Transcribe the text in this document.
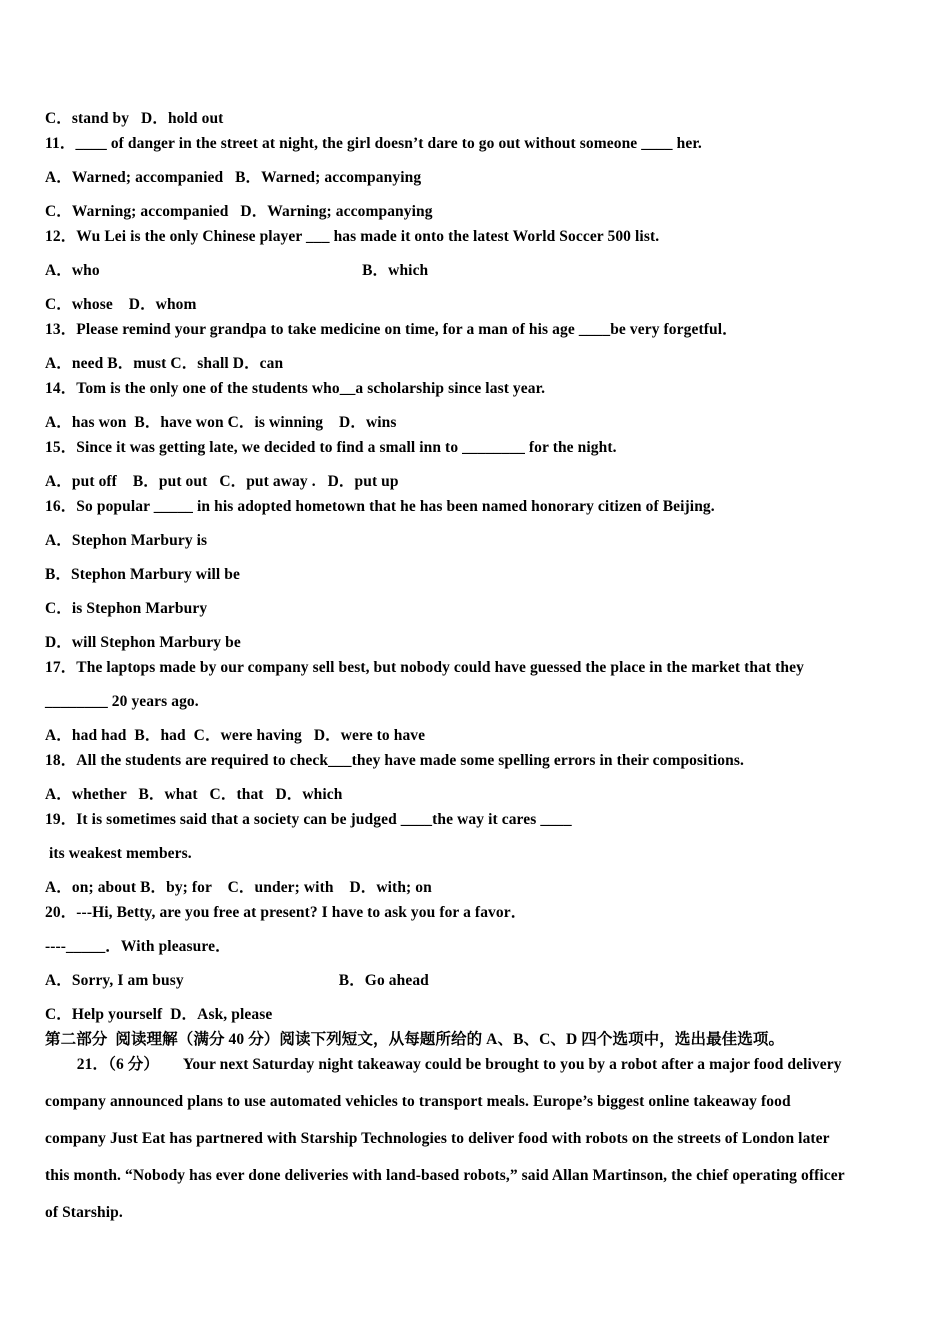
C．stand by   D．hold out
11．____ of danger in the street at night, the girl doesn’t dare to go out without someone ____ her.
A．Warned; accompanied   B．Warned; accompanying
C．Warning; accompanied   D．Warning; accompanying
12．Wu Lei is the only Chinese player ___ has made it onto the latest World Soccer 500 list.
A．who                                                                  B．which
C．whose    D．whom
13．Please remind your grandpa to take medicine on time, for a man of his age ____be very forgetful．
A．need B．must C．shall D．can
14．Tom is the only one of the students who__a scholarship since last year.
A．has won  B．have won C．is winning    D．wins
15．Since it was getting late, we decided to find a small inn to ________ for the night.
A．put off    B．put out   C．put away .   D．put up
16．So popular _____ in his adopted hometown that he has been named honorary citizen of Beijing.
A．Stephon Marbury is
B．Stephon Marbury will be
C．is Stephon Marbury
D．will Stephon Marbury be
17．The laptops made by our company sell best, but nobody could have guessed the place in the market that they
________ 20 years ago.
A．had had  B．had  C．were having   D．were to have
18．All the students are required to check___they have made some spelling errors in their compositions.
A．whether   B．what   C．that   D．which
19．It is sometimes said that a society can be judged ____the way it cares ____
its weakest members.
A．on; about B．by; for    C．under; with    D．with; on
20．---Hi, Betty, are you free at present? I have to ask you for a favor．
----_____．With pleasure．
A．Sorry, I am busy                                       B．Go ahead
C．Help yourself  D．Ask, please
第二部分  阅读理解（满分 40 分）阅读下列短文，从每题所给的 A、B、C、D 四个选项中，选出最佳选项。
21．（6 分）      Your next Saturday night takeaway could be brought to you by a robot after a major food delivery
company announced plans to use automated vehicles to transport meals. Europe’s biggest online takeaway food
company Just Eat has partnered with Starship Technologies to deliver food with robots on the streets of London later
this month. “Nobody has ever done deliveries with land-based robots,” said Allan Martinson, the chief operating officer
of Starship.
